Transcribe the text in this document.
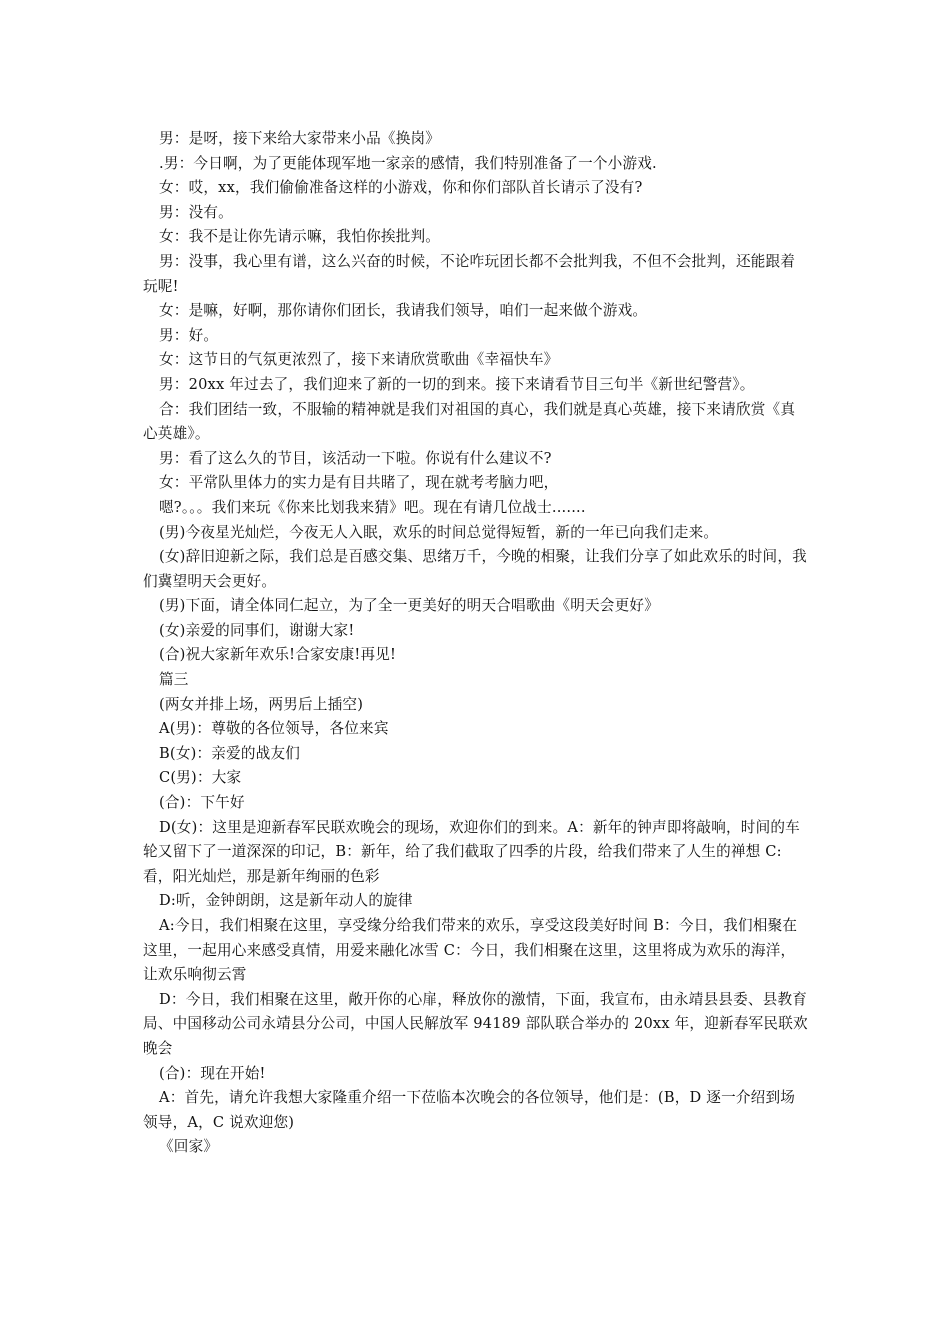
男：是呀，接下来给大家带来小品《换岗》

.男：今日啊，为了更能体现军地一家亲的感情，我们特别准备了一个小游戏.

女：哎，xx，我们偷偷准备这样的小游戏，你和你们部队首长请示了没有?

男：没有。

女：我不是让你先请示嘛，我怕你挨批判。

男：没事，我心里有谱，这么兴奋的时候，不论咋玩团长都不会批判我，不但不会批判，还能跟着玩呢!

女：是嘛，好啊，那你请你们团长，我请我们领导，咱们一起来做个游戏。

男：好。

女：这节日的气氛更浓烈了，接下来请欣赏歌曲《幸福快车》

男：20xx 年过去了，我们迎来了新的一切的到来。接下来请看节目三句半《新世纪警营》。

合：我们团结一致，不服输的精神就是我们对祖国的真心，我们就是真心英雄，接下来请欣赏《真心英雄》。

男：看了这么久的节目，该活动一下啦。你说有什么建议不?

女：平常队里体力的实力是有目共睹了，现在就考考脑力吧，

嗯?。。。我们来玩《你来比划我来猜》吧。现在有请几位战士.......

(男)今夜星光灿烂，今夜无人入眠，欢乐的时间总觉得短暂，新的一年已向我们走来。

(女)辞旧迎新之际，我们总是百感交集、思绪万千，今晚的相聚，让我们分享了如此欢乐的时间，我们冀望明天会更好。

(男)下面，请全体同仁起立，为了全一更美好的明天合唱歌曲《明天会更好》

(女)亲爱的同事们，谢谢大家!

(合)祝大家新年欢乐!合家安康!再见!

篇三

(两女并排上场，两男后上插空)

A(男)：尊敬的各位领导，各位来宾

B(女)：亲爱的战友们

C(男)：大家

(合)：下午好

D(女)：这里是迎新春军民联欢晚会的现场，欢迎你们的到来。A：新年的钟声即将敲响，时间的车轮又留下了一道深深的印记，B：新年，给了我们截取了四季的片段，给我们带来了人生的禅想 C:看，阳光灿烂，那是新年绚丽的色彩

D:听，金钟朗朗，这是新年动人的旋律

A:今日，我们相聚在这里，享受缘分给我们带来的欢乐，享受这段美好时间 B：今日，我们相聚在这里，一起用心来感受真情，用爱来融化冰雪 C：今日，我们相聚在这里，这里将成为欢乐的海洋，让欢乐响彻云霄

D：今日，我们相聚在这里，敞开你的心扉，释放你的激情，下面，我宣布，由永靖县县委、县教育局、中国移动公司永靖县分公司，中国人民解放军 94189 部队联合举办的 20xx 年，迎新春军民联欢晚会

(合)：现在开始!

A：首先，请允许我想大家隆重介绍一下莅临本次晚会的各位领导，他们是：(B，D 逐一介绍到场领导，A，C 说欢迎您)

《回家》
